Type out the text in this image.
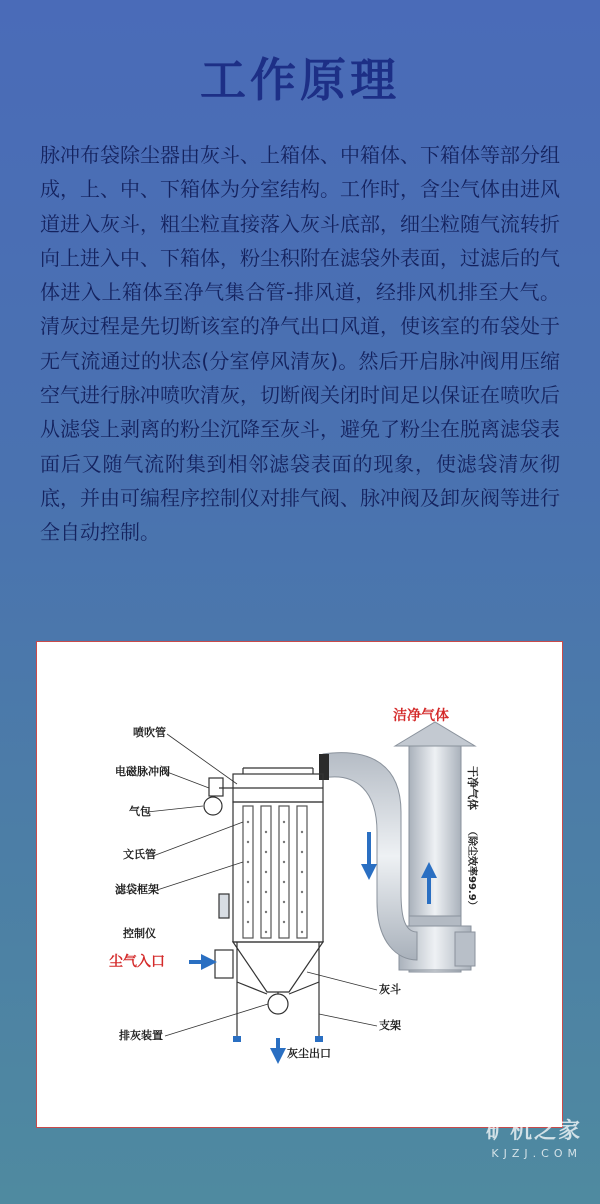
工作原理
脉冲布袋除尘器由灰斗、上箱体、中箱体、下箱体等部分组成，上、中、下箱体为分室结构。工作时，含尘气体由进风道进入灰斗，粗尘粒直接落入灰斗底部，细尘粒随气流转折向上进入中、下箱体，粉尘积附在滤袋外表面，过滤后的气体进入上箱体至净气集合管-排风道，经排风机排至大气。 清灰过程是先切断该室的净气出口风道，使该室的布袋处于无气流通过的状态(分室停风清灰)。然后开启脉冲阀用压缩空气进行脉冲喷吹清灰，切断阀关闭时间足以保证在喷吹后从滤袋上剥离的粉尘沉降至灰斗，避免了粉尘在脱离滤袋表面后又随气流附集到相邻滤袋表面的现象，使滤袋清灰彻底，并由可编程序控制仪对排气阀、脉冲阀及卸灰阀等进行全自动控制。
喷吹管
电磁脉冲阀
气包
文氏管
滤袋框架
控制仪
排灰装置
灰尘出口
灰斗
支架
尘气入口
洁净气体
干净气体
（除尘效率99.9）
矿机之家
KJZJ.COM
